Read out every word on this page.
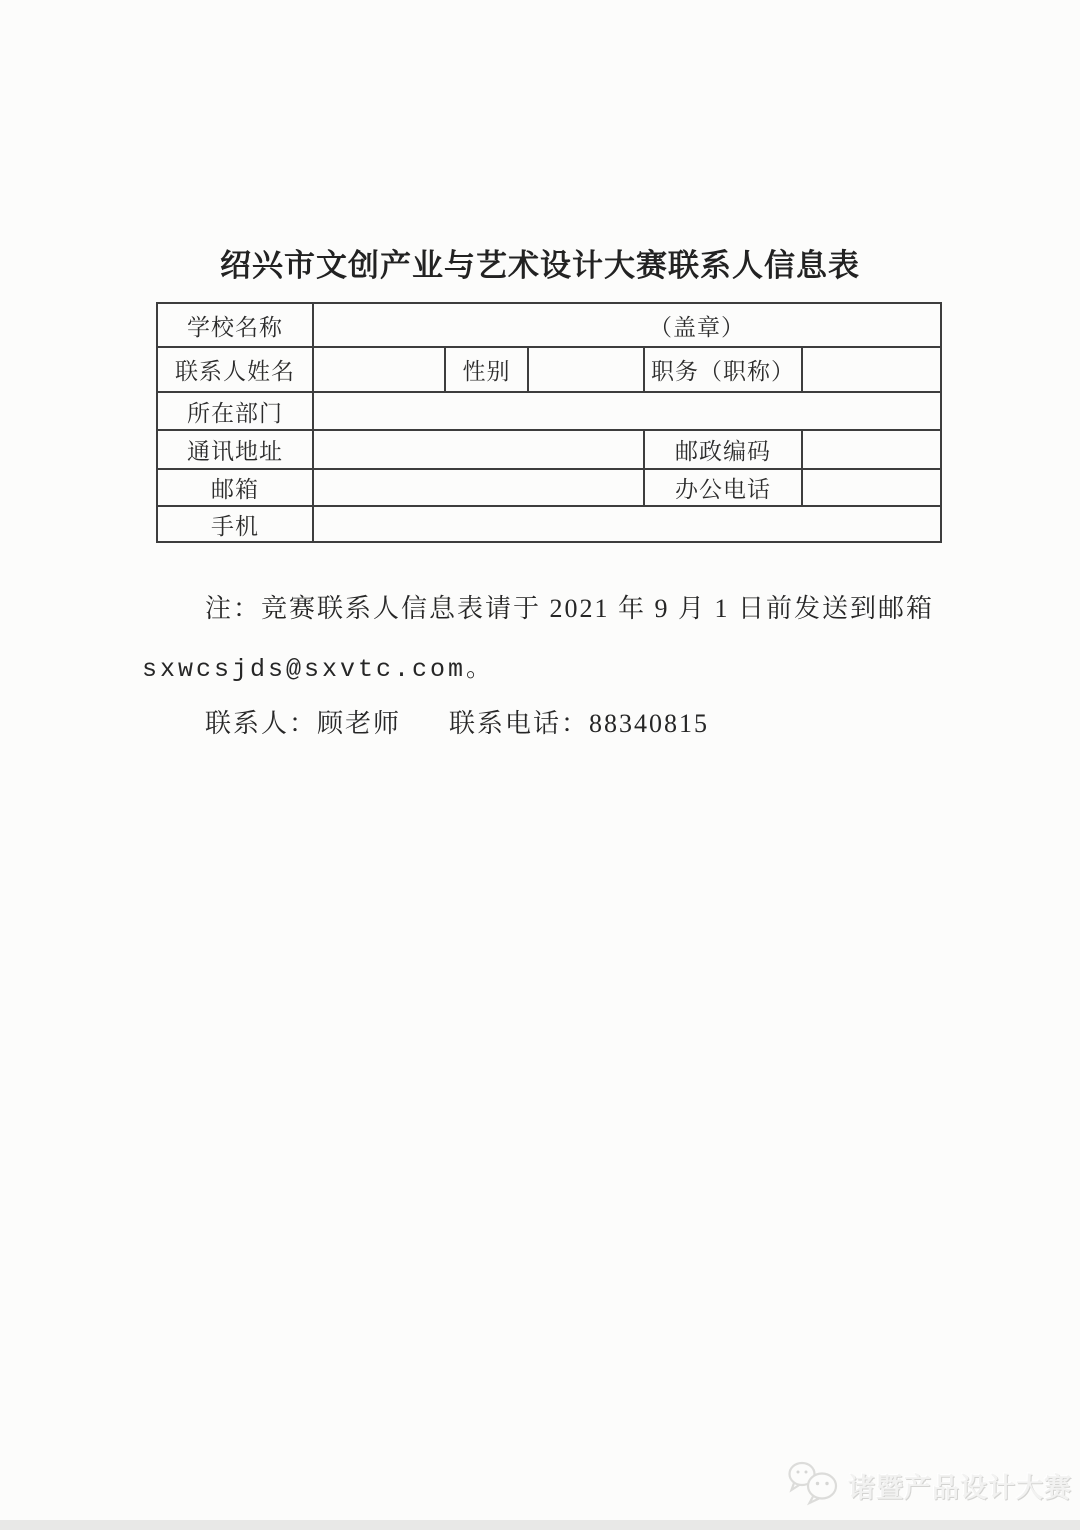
绍兴市文创产业与艺术设计大赛联系人信息表
学校名称	（盖章）				
联系人姓名		性别		职务（职称）	
所在部门					
通讯地址				邮政编码	
邮箱				办公电话	
手机					
注：竞赛联系人信息表请于 2021 年 9 月 1 日前发送到邮箱
sxwcsjds@sxvtc.com。
联系人：顾老师 联系电话：88340815
诸暨产品设计大赛
